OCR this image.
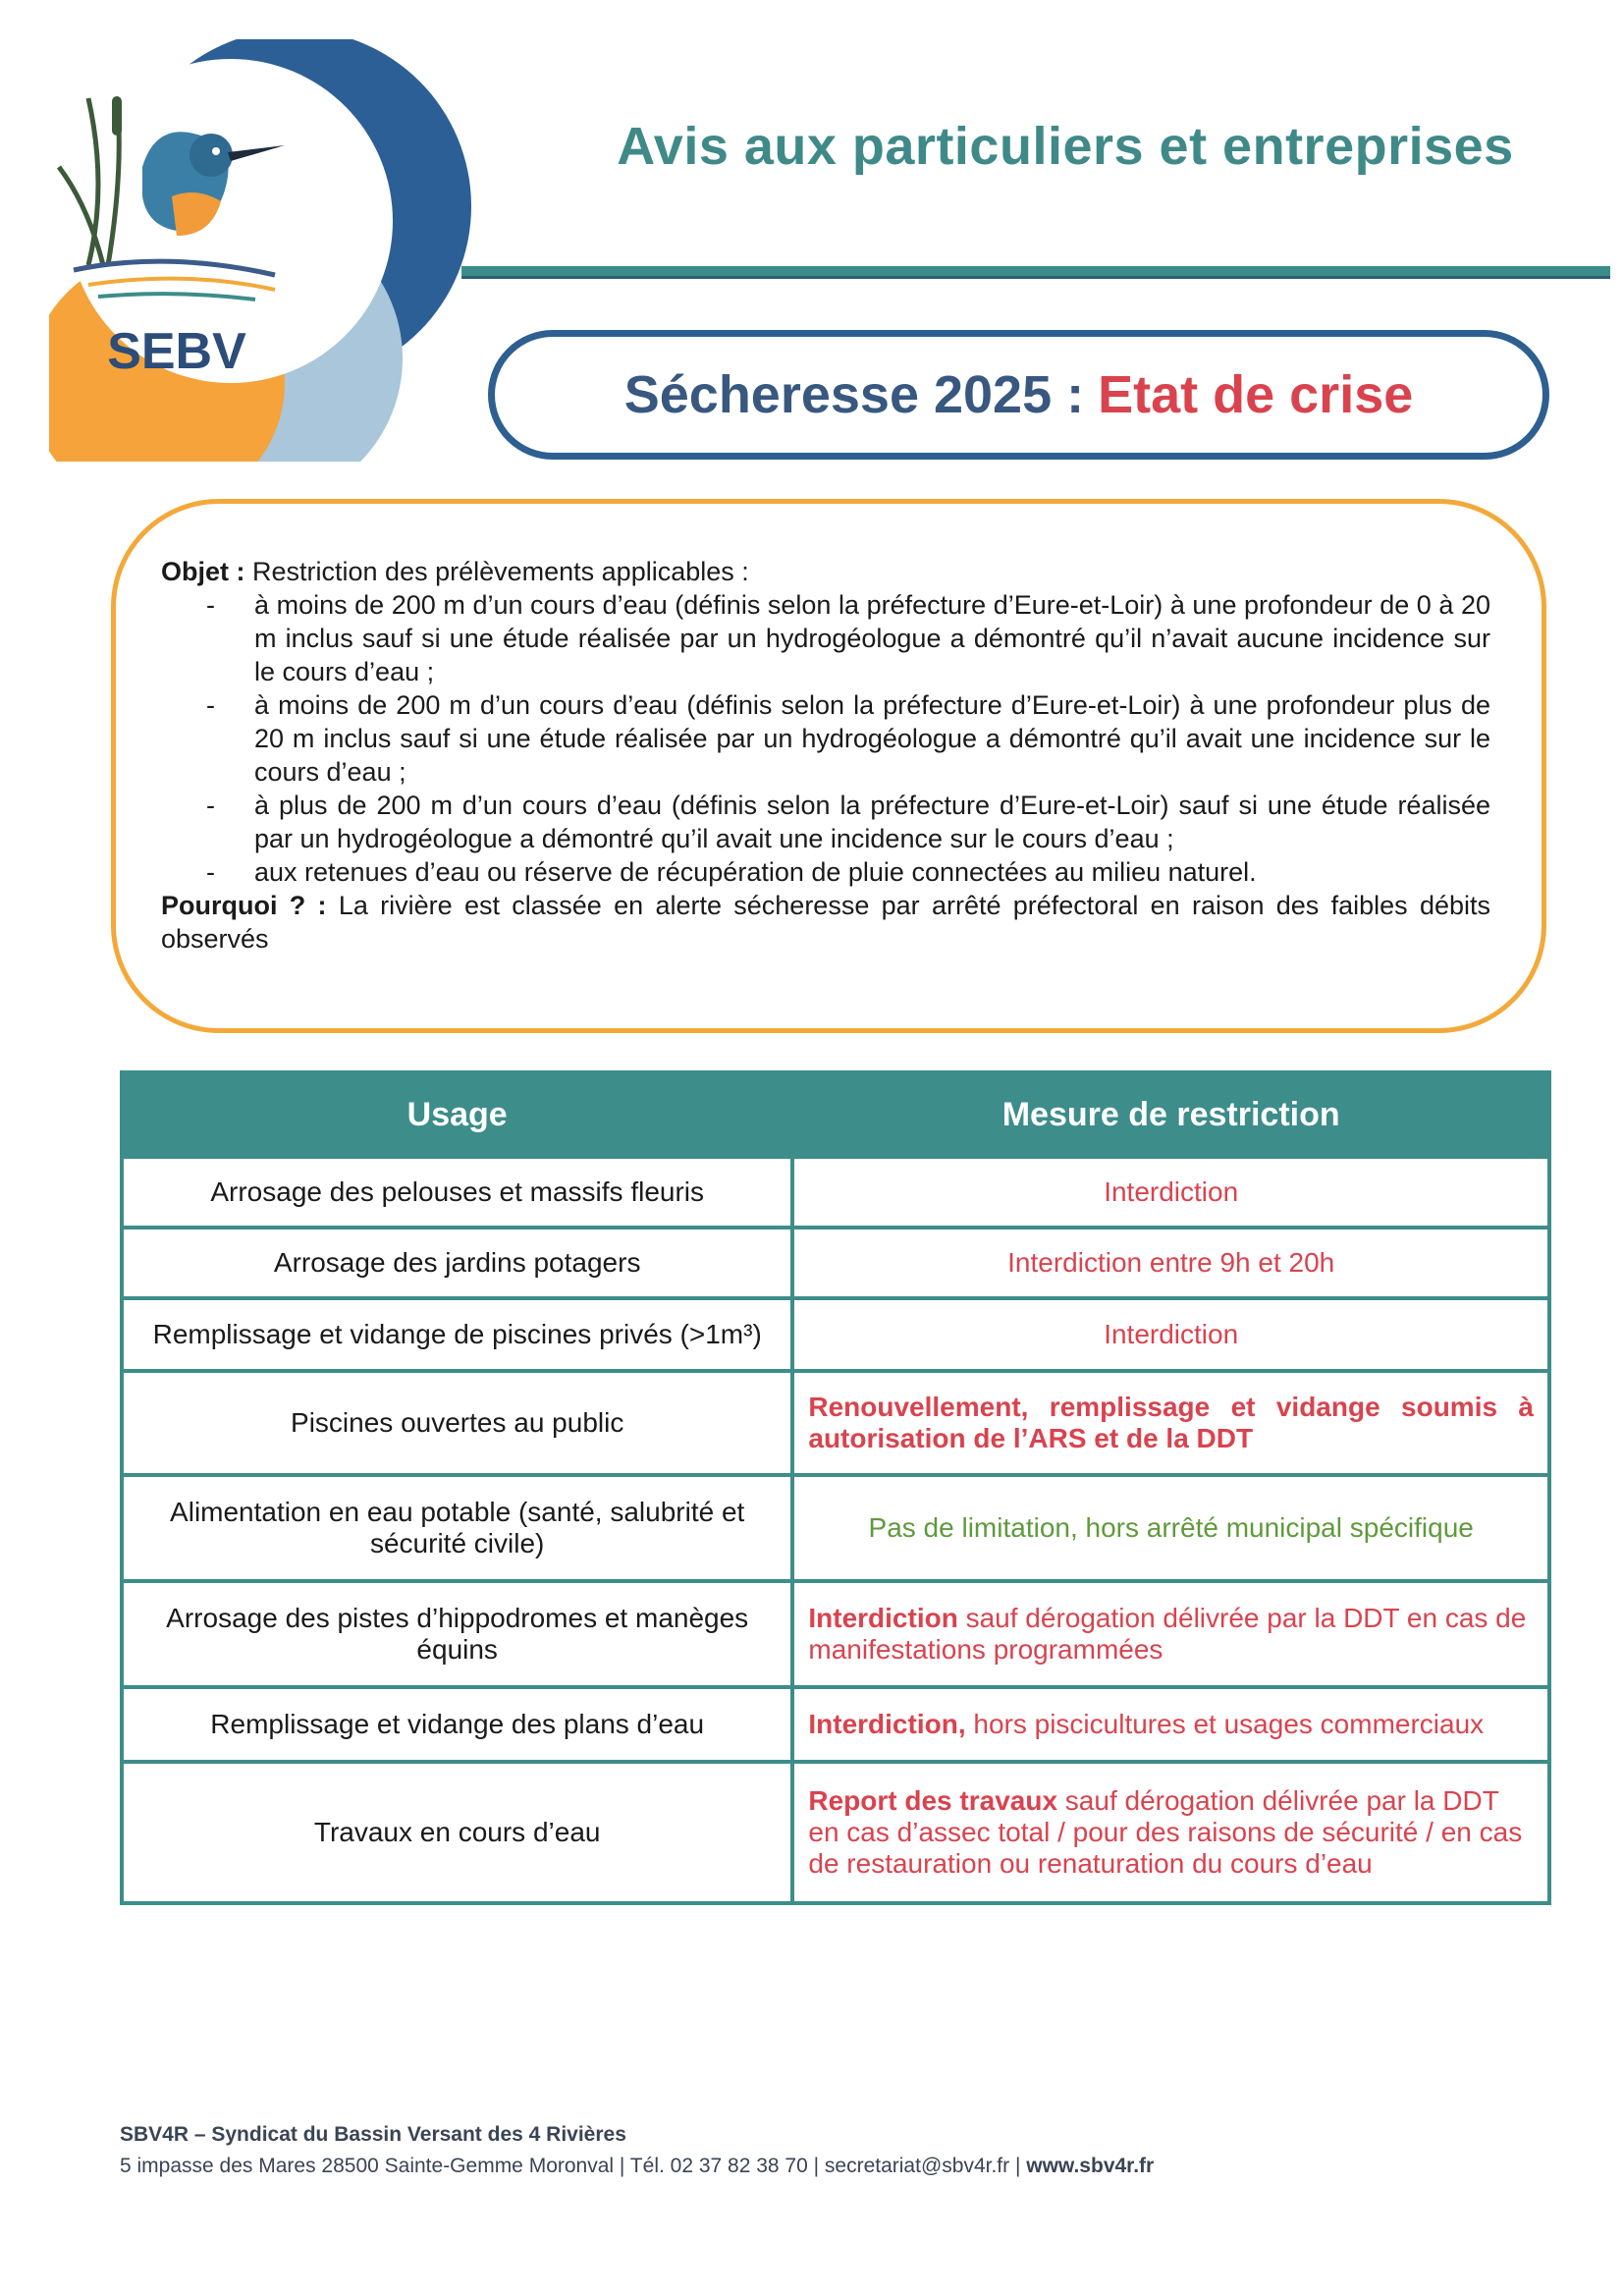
SEBV
Avis aux particuliers et entreprises
Sécheresse 2025 : Etat de crise
Objet : Restriction des prélèvements applicables :
- à moins de 200 m d’un cours d’eau (définis selon la préfecture d’Eure-et-Loir) à une profondeur de 0 à 20 m inclus sauf si une étude réalisée par un hydrogéologue a démontré qu’il n’avait aucune incidence sur le cours d’eau ;
- à moins de 200 m d’un cours d’eau (définis selon la préfecture d’Eure-et-Loir) à une profondeur plus de 20 m inclus sauf si une étude réalisée par un hydrogéologue a démontré qu’il avait une incidence sur le cours d’eau ;
- à plus de 200 m d’un cours d’eau (définis selon la préfecture d’Eure-et-Loir) sauf si une étude réalisée par un hydrogéologue a démontré qu’il avait une incidence sur le cours d’eau ;
- aux retenues d’eau ou réserve de récupération de pluie connectées au milieu naturel.
Pourquoi ? : La rivière est classée en alerte sécheresse par arrêté préfectoral en raison des faibles débits observés
Usage	Mesure de restriction
Arrosage des pelouses et massifs fleuris	Interdiction
Arrosage des jardins potagers	Interdiction entre 9h et 20h
Remplissage et vidange de piscines privés (>1m³)	Interdiction
Piscines ouvertes au public	Renouvellement, remplissage et vidange soumis à autorisation de l’ARS et de la DDT
Alimentation en eau potable (santé, salubrité et sécurité civile)	Pas de limitation, hors arrêté municipal spécifique
Arrosage des pistes d’hippodromes et manèges équins	Interdiction sauf dérogation délivrée par la DDT en cas de manifestations programmées
Remplissage et vidange des plans d’eau	Interdiction, hors piscicultures et usages commerciaux
Travaux en cours d’eau	Report des travaux sauf dérogation délivrée par la DDT en cas d’assec total / pour des raisons de sécurité / en cas de restauration ou renaturation du cours d’eau
SBV4R – Syndicat du Bassin Versant des 4 Rivières
5 impasse des Mares 28500 Sainte-Gemme Moronval | Tél. 02 37 82 38 70 | secretariat@sbv4r.fr | www.sbv4r.fr
